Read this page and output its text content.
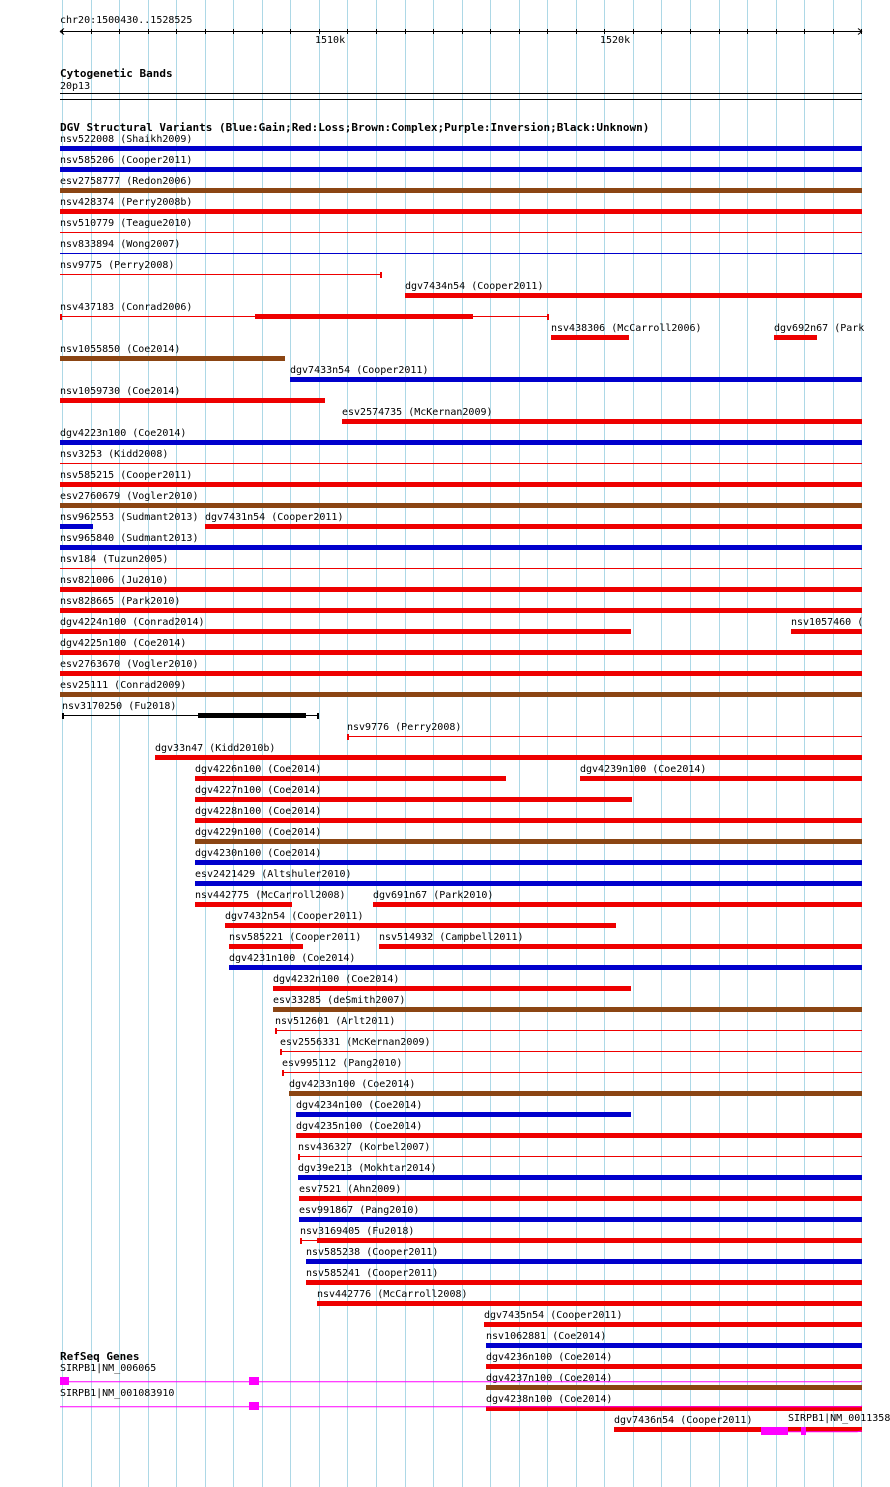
chr20:1500430..1528525
1510k	1520k
Cytogenetic Bands
20p13
DGV Structural Variants (Blue:Gain;Red:Loss;Brown:Complex;Purple:Inversion;Black:Unknown)
nsv522008 (Shaikh2009)
nsv585206 (Cooper2011)
esv2758777 (Redon2006)
nsv428374 (Perry2008b)
nsv510779 (Teague2010)
nsv833894 (Wong2007)
nsv9775 (Perry2008)
dgv7434n54 (Cooper2011)
nsv437183 (Conrad2006)
nsv438306 (McCarroll2006)	dgv692n67 (Park
nsv1055850 (Coe2014)
dgv7433n54 (Cooper2011)
nsv1059730 (Coe2014)
esv2574735 (McKernan2009)
dgv4223n100 (Coe2014)
nsv3253 (Kidd2008)
nsv585215 (Cooper2011)
esv2760679 (Vogler2010)
nsv962553 (Sudmant2013) dgv7431n54 (Cooper2011)
nsv965840 (Sudmant2013)
nsv184 (Tuzun2005)
nsv821006 (Ju2010)
nsv828665 (Park2010)
dgv4224n100 (Conrad2014)	nsv1057460 (
dgv4225n100 (Coe2014)
esv2763670 (Vogler2010)
esv25111 (Conrad2009)
nsv3170250 (Fu2018)
nsv9776 (Perry2008)
dgv33n47 (Kidd2010b)
dgv4226n100 (Coe2014)	dgv4239n100 (Coe2014)
dgv4227n100 (Coe2014)
dgv4228n100 (Coe2014)
dgv4229n100 (Coe2014)
dgv4230n100 (Coe2014)
esv2421429 (Altshuler2010)
nsv442775 (McCarroll2008)	dgv691n67 (Park2010)
dgv7432n54 (Cooper2011)
nsv585221 (Cooper2011) nsv514932 (Campbell2011)
dgv4231n100 (Coe2014)
dgv4232n100 (Coe2014)
esv33285 (deSmith2007)
nsv512601 (Arlt2011)
esv2556331 (McKernan2009)
esv995112 (Pang2010)
dgv4233n100 (Coe2014)
dgv4234n100 (Coe2014)
dgv4235n100 (Coe2014)
nsv436327 (Korbel2007)
dgv39e213 (Mokhtar2014)
esv7521 (Ahn2009)
esv991867 (Pang2010)
nsv3169405 (Fu2018)
nsv585238 (Cooper2011)
nsv585241 (Cooper2011)
nsv442776 (McCarroll2008)
dgv7435n54 (Cooper2011)
nsv1062881 (Coe2014)
dgv4236n100 (Coe2014)
dgv4237n100 (Coe2014)
dgv4238n100 (Coe2014)
dgv7436n54 (Cooper2011)
RefSeq Genes
SIRPB1|NM_006065
SIRPB1|NM_001083910
SIRPB1|NM_0011358
